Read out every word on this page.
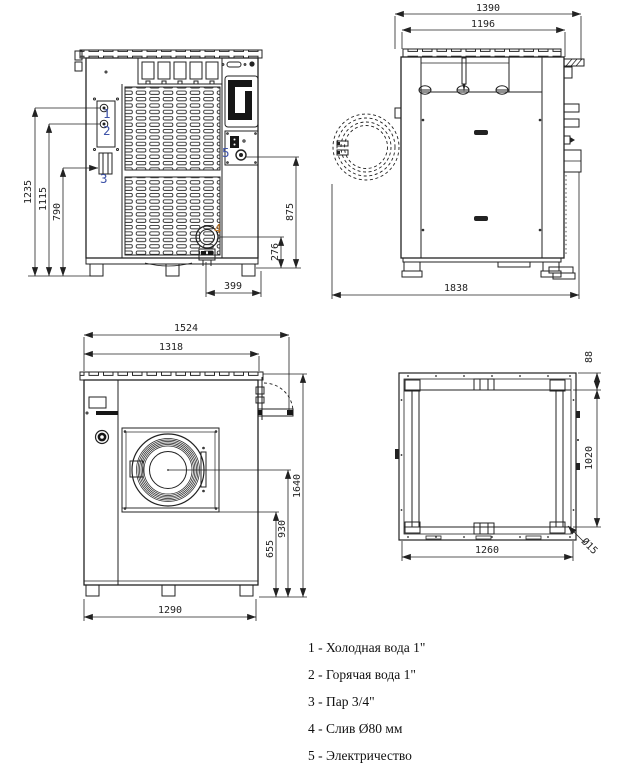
1235 1115
790	875
276
399
1
2
3
4
5
1390
1196
1838
1524
1318
1640
930
655
1290
88
1020
1260	Ø15
1 - Холодная вода 1"
2 - Горячая вода 1"
3 - Пар 3/4"
4 - Слив Ø80 мм
5 - Электричество
